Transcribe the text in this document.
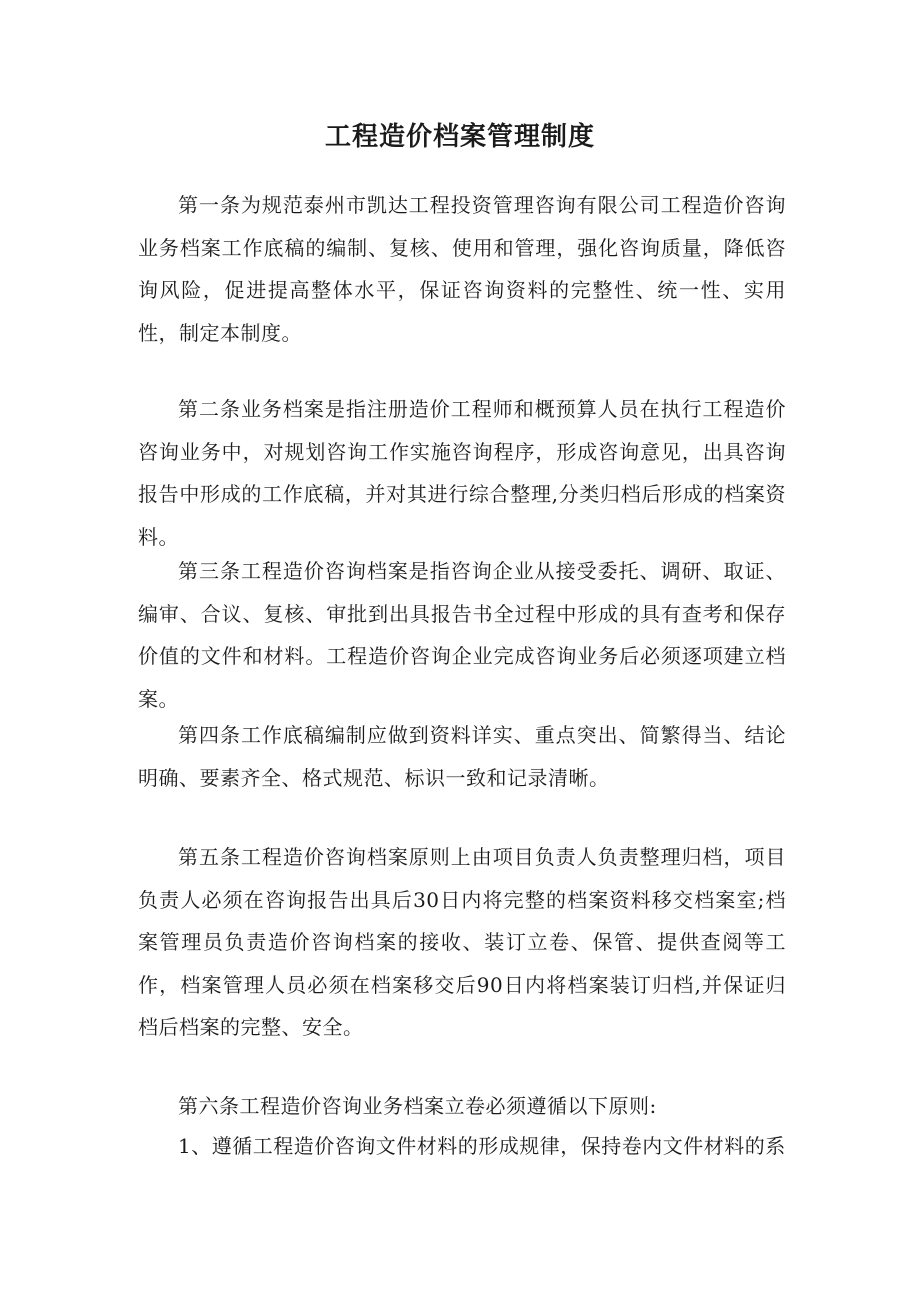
工程造价档案管理制度

第一条为规范泰州市凯达工程投资管理咨询有限公司工程造价咨询业务档案工作底稿的编制、复核、使用和管理，强化咨询质量，降低咨询风险，促进提高整体水平，保证咨询资料的完整性、统一性、实用性，制定本制度。

第二条业务档案是指注册造价工程师和概预算人员在执行工程造价咨询业务中，对规划咨询工作实施咨询程序，形成咨询意见，出具咨询报告中形成的工作底稿，并对其进行综合整理,分类归档后形成的档案资料。

第三条工程造价咨询档案是指咨询企业从接受委托、调研、取证、编审、合议、复核、审批到出具报告书全过程中形成的具有查考和保存价值的文件和材料。工程造价咨询企业完成咨询业务后必须逐项建立档案。

第四条工作底稿编制应做到资料详实、重点突出、简繁得当、结论明确、要素齐全、格式规范、标识一致和记录清晰。

第五条工程造价咨询档案原则上由项目负责人负责整理归档，项目负责人必须在咨询报告出具后30日内将完整的档案资料移交档案室;档案管理员负责造价咨询档案的接收、装订立卷、保管、提供查阅等工作，档案管理人员必须在档案移交后90日内将档案装订归档,并保证归档后档案的完整、安全。

第六条工程造价咨询业务档案立卷必须遵循以下原则:

1、遵循工程造价咨询文件材料的形成规律，保持卷内文件材料的系
